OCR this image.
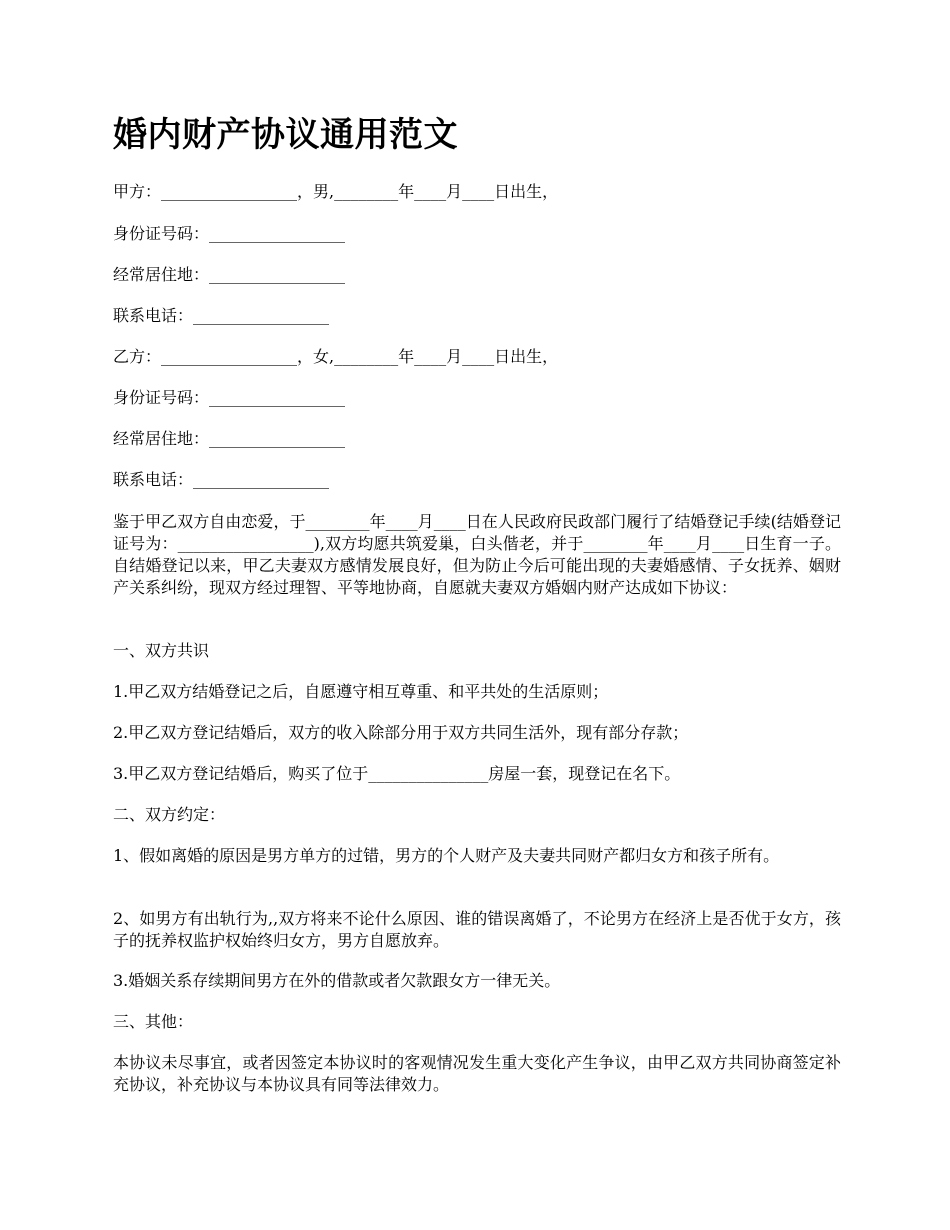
婚内财产协议通用范文
甲方：_________________，男,________年____月____日出生，
身份证号码：_________________
经常居住地：_________________
联系电话：_________________
乙方：_________________，女,________年____月____日出生，
身份证号码：_________________
经常居住地：_________________
联系电话：_________________
鉴于甲乙双方自由恋爱，于________年____月____日在人民政府民政部门履行了结婚登记手续(结婚登记证号为：_________________),双方均愿共筑爱巢，白头偕老，并于________年____月____日生育一子。自结婚登记以来，甲乙夫妻双方感情发展良好，但为防止今后可能出现的夫妻婚感情、子女抚养、姻财产关系纠纷，现双方经过理智、平等地协商，自愿就夫妻双方婚姻内财产达成如下协议：
一、双方共识
1.甲乙双方结婚登记之后，自愿遵守相互尊重、和平共处的生活原则；
2.甲乙双方登记结婚后，双方的收入除部分用于双方共同生活外，现有部分存款；
3.甲乙双方登记结婚后，购买了位于_______________房屋一套，现登记在名下。
二、双方约定：
1、假如离婚的原因是男方单方的过错，男方的个人财产及夫妻共同财产都归女方和孩子所有。
2、如男方有出轨行为,,双方将来不论什么原因、谁的错误离婚了，不论男方在经济上是否优于女方，孩子的抚养权监护权始终归女方，男方自愿放弃。
3.婚姻关系存续期间男方在外的借款或者欠款跟女方一律无关。
三、其他：
本协议未尽事宜，或者因签定本协议时的客观情况发生重大变化产生争议，由甲乙双方共同协商签定补充协议，补充协议与本协议具有同等法律效力。
